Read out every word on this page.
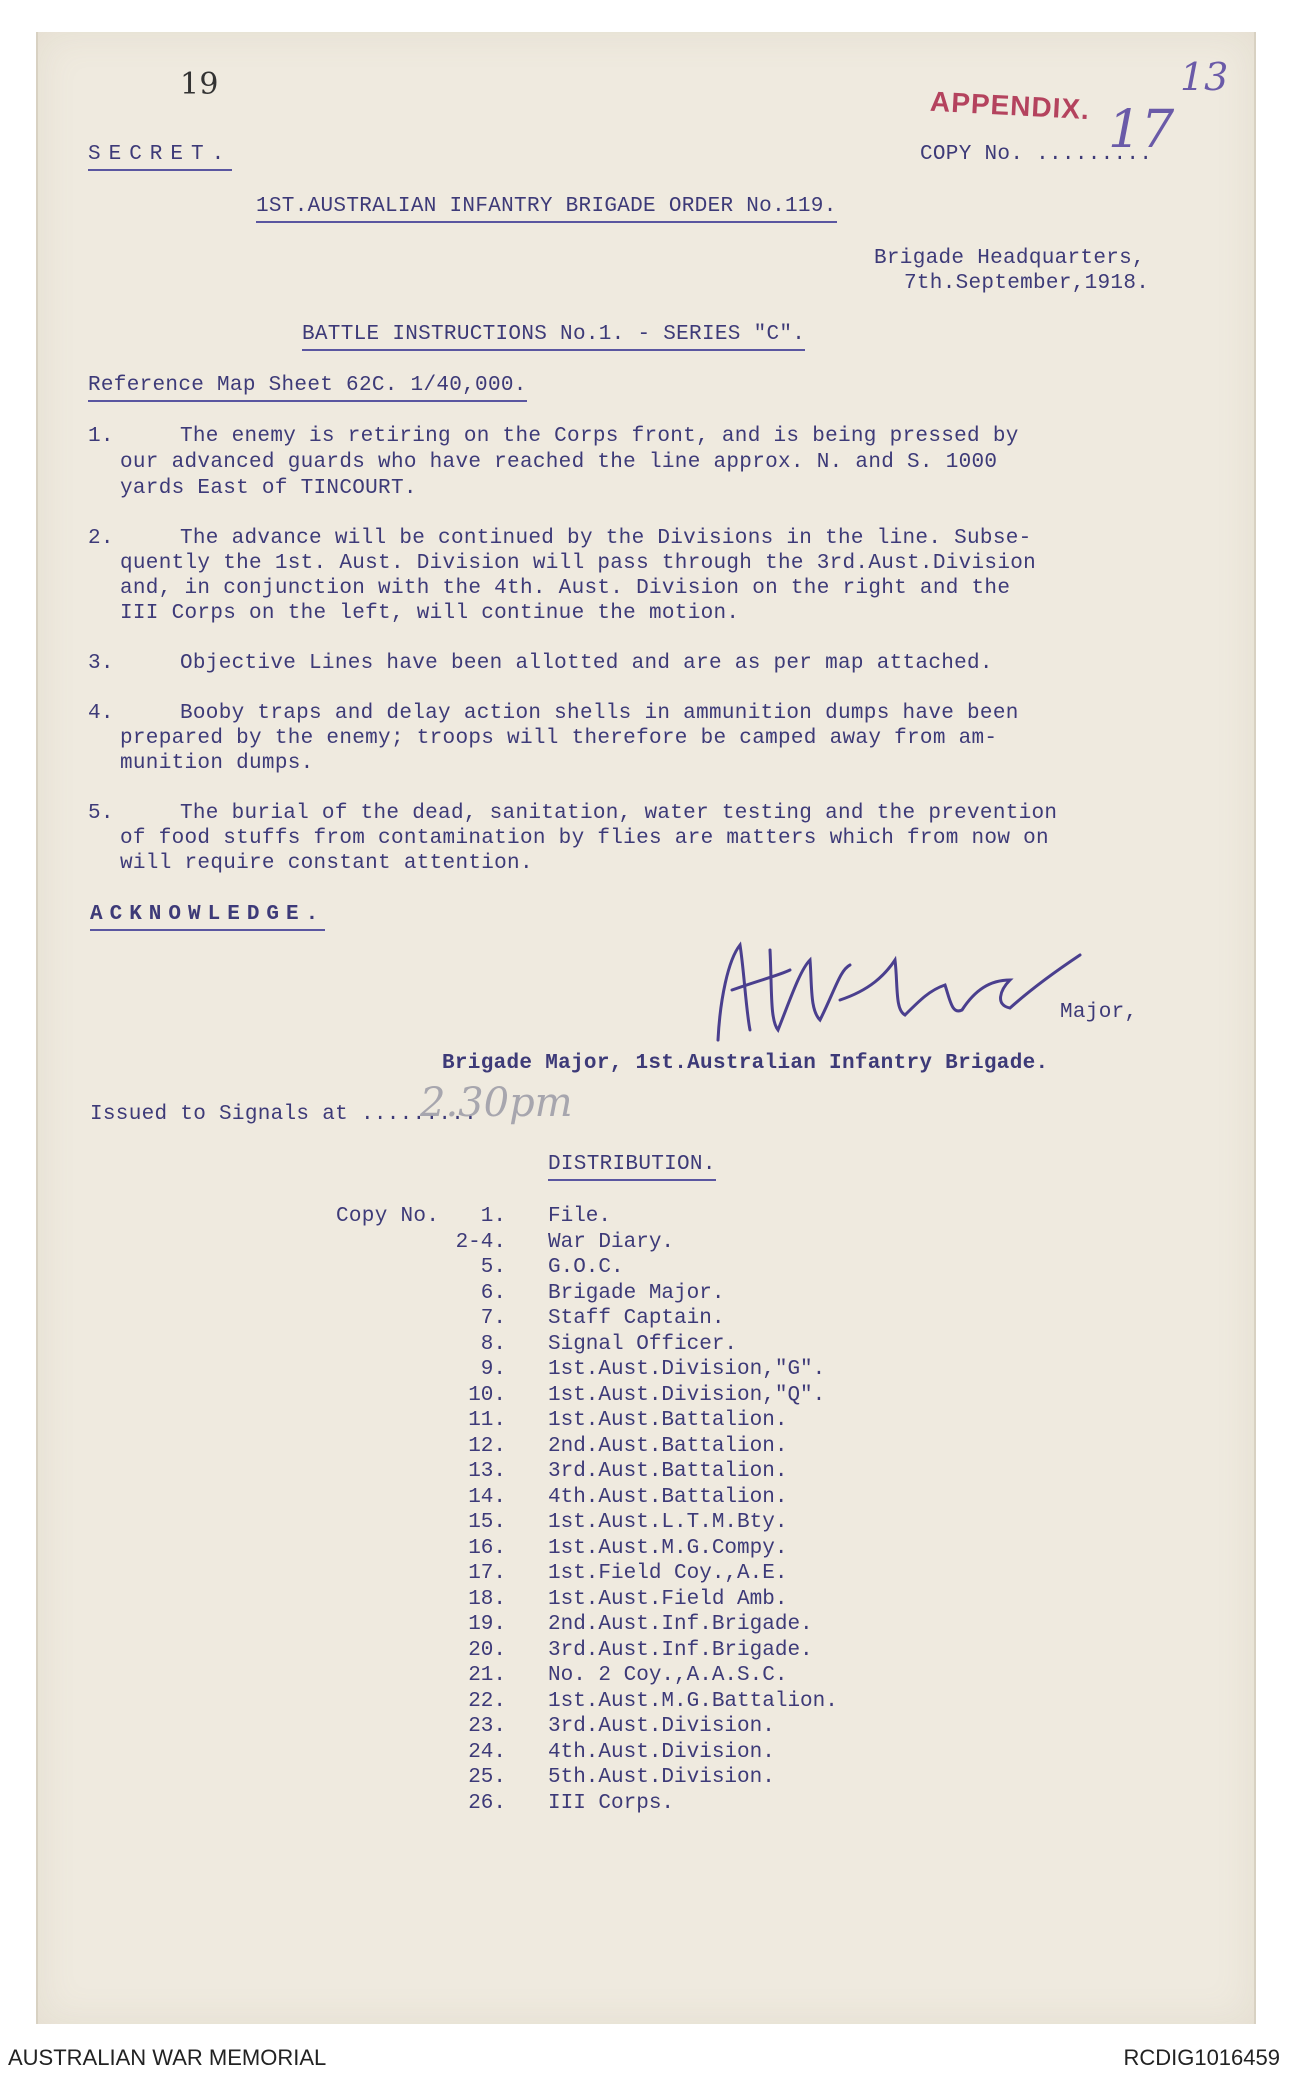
19
APPENDIX.
13
17
SECRET.	COPY No. .........
1ST.AUSTRALIAN INFANTRY BRIGADE ORDER No.119.
Brigade Headquarters,
7th.September,1918.
BATTLE INSTRUCTIONS No.1. - SERIES "C".
Reference Map Sheet 62C. 1/40,000.
1.	The enemy is retiring on the Corps front, and is being pressed by
our advanced guards who have reached the line approx. N. and S. 1000
yards East of TINCOURT.
2.	The advance will be continued by the Divisions in the line. Subse-
quently the 1st. Aust. Division will pass through the 3rd.Aust.Division
and, in conjunction with the 4th. Aust. Division on the right and the
III Corps on the left, will continue the motion.
3.	Objective Lines have been allotted and are as per map attached.
4.	Booby traps and delay action shells in ammunition dumps have been
prepared by the enemy; troops will therefore be camped away from am-
munition dumps.
5.	The burial of the dead, sanitation, water testing and the prevention
of food stuffs from contamination by flies are matters which from now on
will require constant attention.
ACKNOWLEDGE.
Major,
Brigade Major, 1st.Australian Infantry Brigade.
Issued to Signals at .........
2.30pm
DISTRIBUTION.
Copy No.	1. File.
2-4. War Diary.
5. G.O.C.
6. Brigade Major.
7. Staff Captain.
8. Signal Officer.
9. 1st.Aust.Division,"G".
10. 1st.Aust.Division,"Q".
11. 1st.Aust.Battalion.
12. 2nd.Aust.Battalion.
13. 3rd.Aust.Battalion.
14. 4th.Aust.Battalion.
15. 1st.Aust.L.T.M.Bty.
16. 1st.Aust.M.G.Compy.
17. 1st.Field Coy.,A.E.
18. 1st.Aust.Field Amb.
19. 2nd.Aust.Inf.Brigade.
20. 3rd.Aust.Inf.Brigade.
21. No. 2 Coy.,A.A.S.C.
22. 1st.Aust.M.G.Battalion.
23. 3rd.Aust.Division.
24. 4th.Aust.Division.
25. 5th.Aust.Division.
26. III Corps.
AUSTRALIAN WAR MEMORIAL	RCDIG1016459
